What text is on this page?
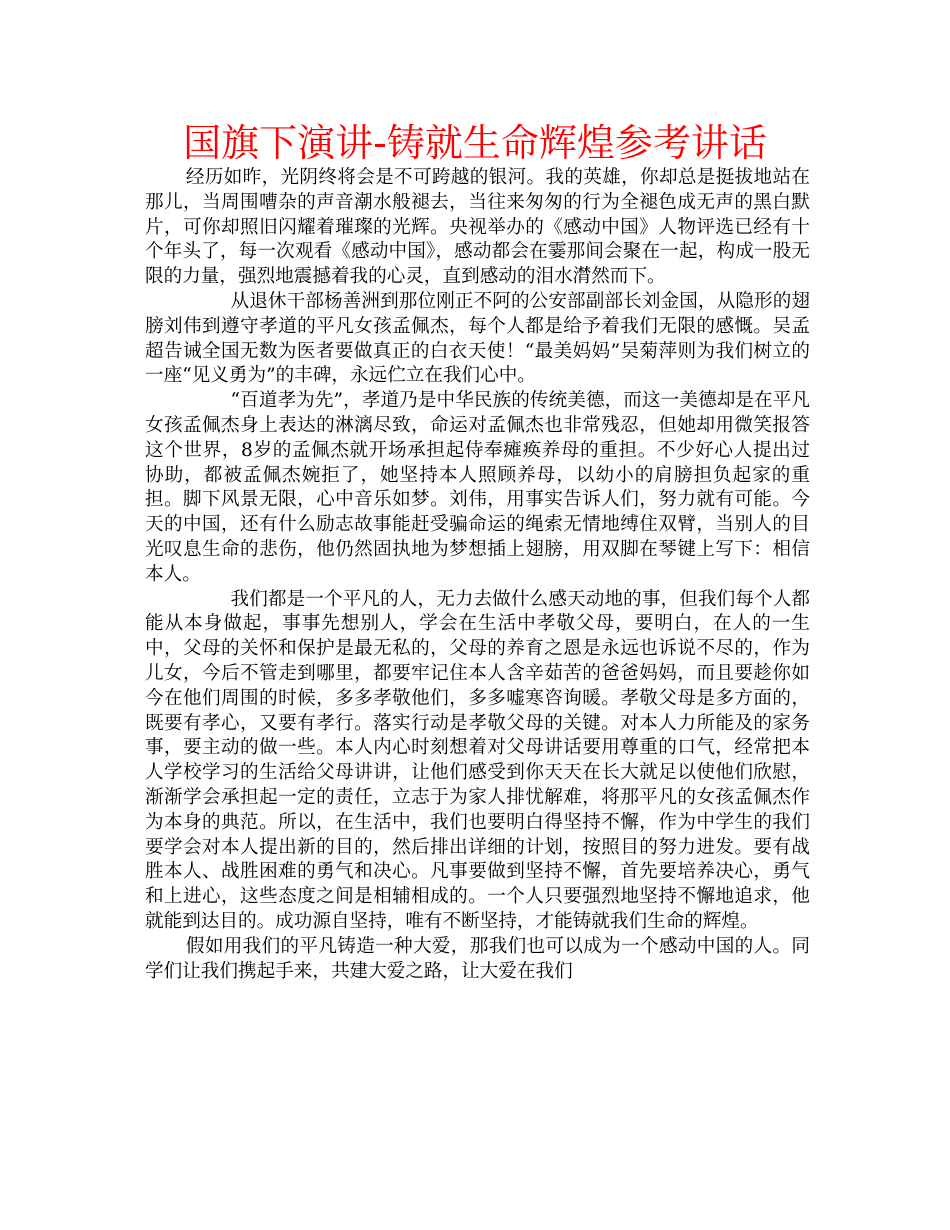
国旗下演讲-铸就生命辉煌参考讲话

经历如昨，光阴终将会是不可跨越的银河。我的英雄，你却总是挺拔地站在那儿，当周围嘈杂的声音潮水般褪去，当往来匆匆的行为全褪色成无声的黑白默片，可你却照旧闪耀着璀璨的光辉。央视举办的《感动中国》人物评选已经有十个年头了，每一次观看《感动中国》，感动都会在霎那间会聚在一起，构成一股无限的力量，强烈地震撼着我的心灵，直到感动的泪水潸然而下。

从退休干部杨善洲到那位刚正不阿的公安部副部长刘金国，从隐形的翅膀刘伟到遵守孝道的平凡女孩孟佩杰，每个人都是给予着我们无限的感慨。吴孟超告诫全国无数为医者要做真正的白衣天使！“最美妈妈”吴菊萍则为我们树立的一座“见义勇为”的丰碑，永远伫立在我们心中。

“百道孝为先”，孝道乃是中华民族的传统美德，而这一美德却是在平凡女孩孟佩杰身上表达的淋漓尽致，命运对孟佩杰也非常残忍，但她却用微笑报答这个世界，8岁的孟佩杰就开场承担起侍奉瘫痪养母的重担。不少好心人提出过 协助，都被孟佩杰婉拒了，她坚持本人照顾养母，以幼小的肩膀担负起家的重担。脚下风景无限，心中音乐如梦。刘伟，用事实告诉人们，努力就有可能。今天的中国，还有什么励志故事能赶受骗命运的绳索无情地缚住双臂，当别人的目光叹息生命的悲伤，他仍然固执地为梦想插上翅膀，用双脚在琴键上写下：相信本人。

我们都是一个平凡的人，无力去做什么感天动地的事，但我们每个人都能从本身做起，事事先想别人，学会在生活中孝敬父母，要明白，在人的一生中，父母的关怀和保护是最无私的，父母的养育之恩是永远也诉说不尽的，作为儿女，今后不管走到哪里，都要牢记住本人含辛茹苦的爸爸妈妈，而且要趁你如今在他们周围的时候，多多孝敬他们，多多嘘寒咨询暖。孝敬父母是多方面的，既要有孝心，又要有孝行。落实行动是孝敬父母的关键。对本人力所能及的家务事，要主动的做一些。本人内心时刻想着对父母讲话要用尊重的口气，经常把本人学校学习的生活给父母讲讲，让他们感受到你天天在长大就足以使他们欣慰，渐渐学会承担起一定的责任，立志于为家人排忧解难，将那平凡的女孩孟佩杰作为本身的典范。所以，在生活中，我们也要明白得坚持不懈，作为中学生的我们要学会对本人提出新的目的，然后排出详细的计划，按照目的努力进发。要有战胜本人、战胜困难的勇气和决心。凡事要做到坚持不懈，首先要培养决心，勇气和上进心，这些态度之间是相辅相成的。一个人只要强烈地坚持不懈地追求，他就能到达目的。成功源自坚持，唯有不断坚持，才能铸就我们生命的辉煌。

假如用我们的平凡铸造一种大爱，那我们也可以成为一个感动中国的人。同学们让我们携起手来，共建大爱之路，让大爱在我们
